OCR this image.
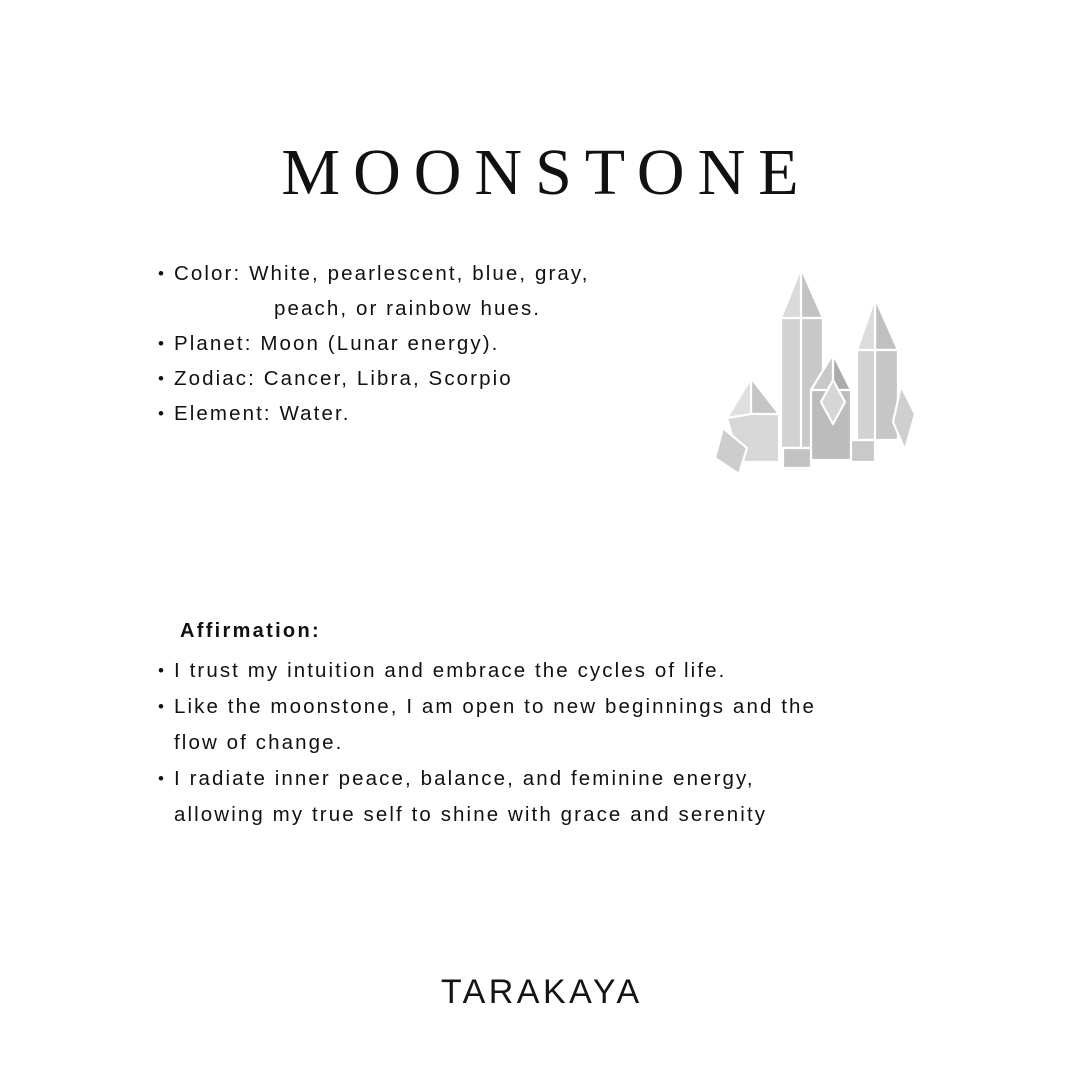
MOONSTONE
• Color: White, pearlescent, blue, gray,
peach, or rainbow hues.
• Planet: Moon (Lunar energy).
• Zodiac: Cancer, Libra, Scorpio
• Element: Water.
Affirmation:
• I trust my intuition and embrace the cycles of life.
• Like the moonstone, I am open to new beginnings and the
flow of change.
• I radiate inner peace, balance, and feminine energy,
allowing my true self to shine with grace and serenity
TARAKAYA
